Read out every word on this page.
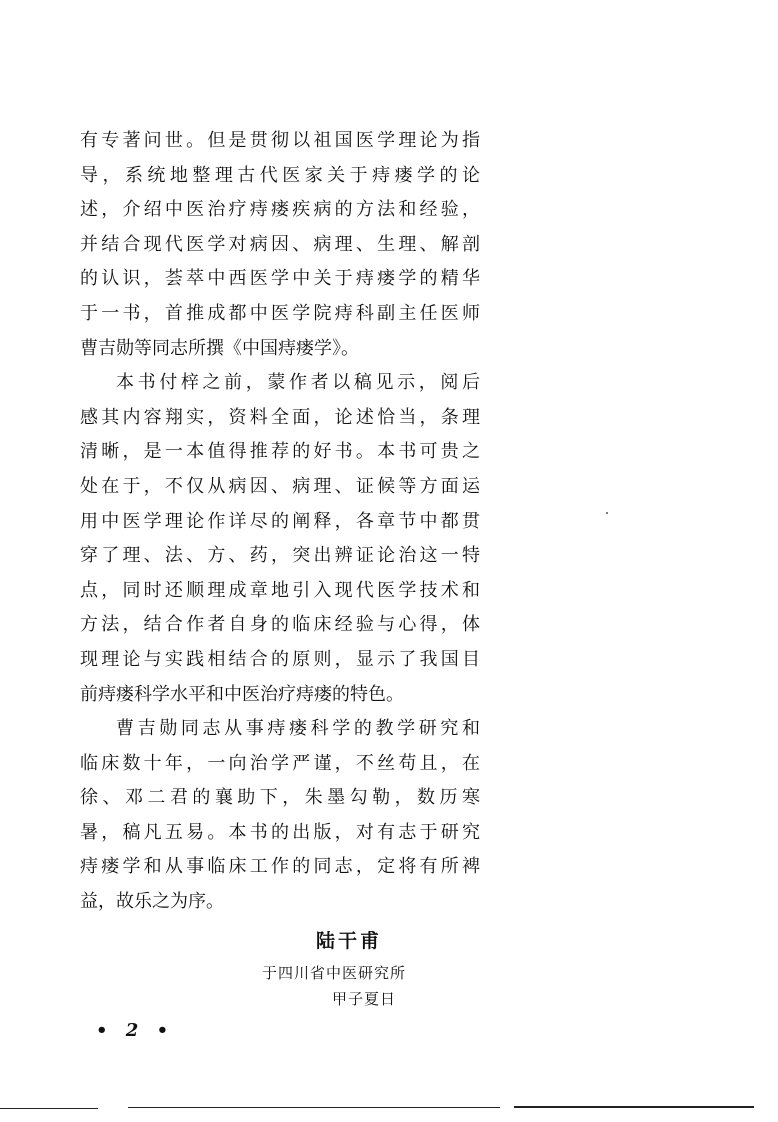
有专著问世。但是贯彻以祖国医学理论为指
导，系统地整理古代医家关于痔瘘学的论
述，介绍中医治疗痔瘘疾病的方法和经验，
并结合现代医学对病因、病理、生理、解剖
的认识，荟萃中西医学中关于痔瘘学的精华
于一书，首推成都中医学院痔科副主任医师
曹吉勋等同志所撰《中国痔瘘学》。
本书付梓之前，蒙作者以稿见示，阅后
感其内容翔实，资料全面，论述恰当，条理
清晰，是一本值得推荐的好书。本书可贵之
处在于，不仅从病因、病理、证候等方面运
用中医学理论作详尽的阐释，各章节中都贯
穿了理、法、方、药，突出辨证论治这一特
点，同时还顺理成章地引入现代医学技术和
方法，结合作者自身的临床经验与心得，体
现理论与实践相结合的原则，显示了我国目
前痔瘘科学水平和中医治疗痔瘘的特色。
曹吉勋同志从事痔瘘科学的教学研究和
临床数十年，一向治学严谨，不丝苟且，在
徐、邓二君的襄助下，朱墨勾勒，数历寒
暑，稿凡五易。本书的出版，对有志于研究
痔瘘学和从事临床工作的同志，定将有所裨
益，故乐之为序。
陆干甫
于四川省中医研究所
甲子夏日
• 2 •
